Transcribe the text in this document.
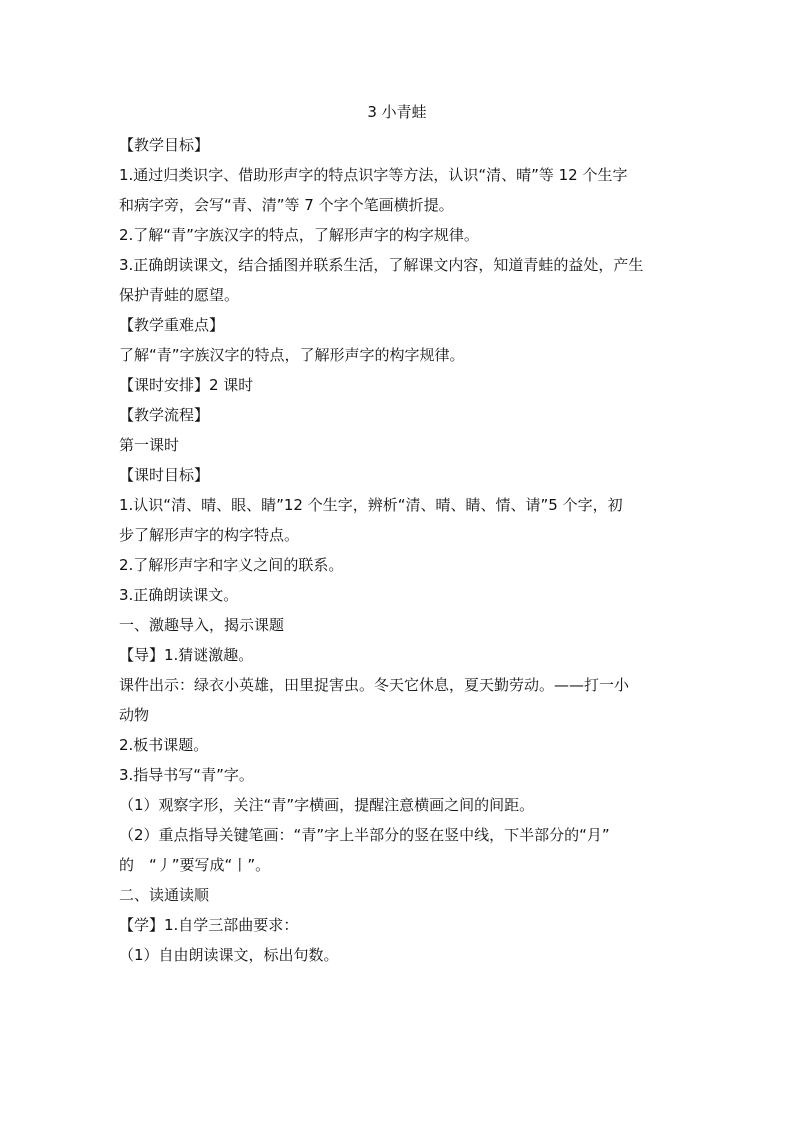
3 小青蛙

【教学目标】

1.通过归类识字、借助形声字的特点识字等方法，认识“清、晴”等 12 个生字

和病字旁，会写“青、清”等 7 个字个笔画横折提。

2.了解“青”字族汉字的特点，了解形声字的构字规律。

3.正确朗读课文，结合插图并联系生活，了解课文内容，知道青蛙的益处，产生

保护青蛙的愿望。

【教学重难点】

了解“青”字族汉字的特点，了解形声字的构字规律。

【课时安排】2 课时

【教学流程】

第一课时

【课时目标】

1.认识“清、晴、眼、睛”12 个生字，辨析“清、晴、睛、情、请”5 个字，初

步了解形声字的构字特点。

2.了解形声字和字义之间的联系。

3.正确朗读课文。

一、激趣导入，揭示课题

【导】1.猜谜激趣。

课件出示：绿衣小英雄，田里捉害虫。冬天它休息，夏天勤劳动。——打一小

动物

2.板书课题。

3.指导书写“青”字。

（1）观察字形，关注“青”字横画，提醒注意横画之间的间距。

（2）重点指导关键笔画：“青”字上半部分的竖在竖中线，下半部分的“月”

的　“丿”要写成“丨”。

二、读通读顺

【学】1.自学三部曲要求：

（1）自由朗读课文，标出句数。
